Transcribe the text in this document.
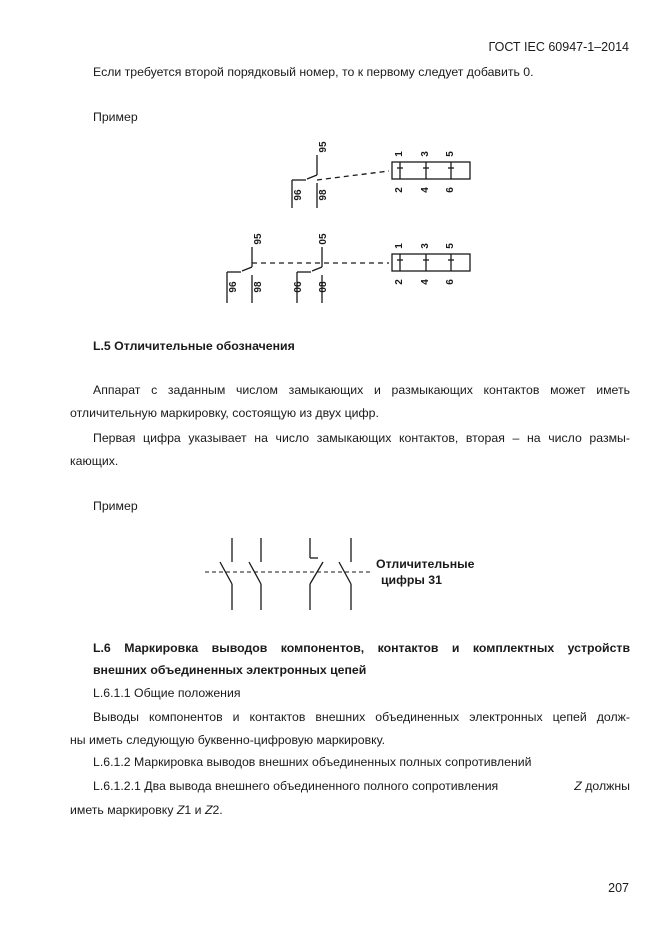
ГОСТ IEC 60947-1–2014
Если требуется второй порядковый номер, то к первому следует добавить 0.
Пример
95
96 98
1 3 5
2 4 6
95
96 98
05
06 08
1 3 5
2 4 6
L.5 Отличительные обозначения
Аппарат с заданным числом замыкающих и размыкающих контактов может иметь
отличительную маркировку, состоящую из двух цифр.
Первая цифра указывает на число замыкающих контактов, вторая – на число размы-
кающих.
Пример
Отличительные
цифры 31
L.6 Маркировка выводов компонентов, контактов и комплектных устройств
внешних объединенных электронных цепей
L.6.1.1 Общие положения
Выводы компонентов и контактов внешних объединенных электронных цепей долж-
ны иметь следующую буквенно-цифровую маркировку.
L.6.1.2 Маркировка выводов внешних объединенных полных сопротивлений
L.6.1.2.1 Два вывода внешнего объединенного полного сопротивления	Z должны
иметь маркировку Z1 и Z2.
207
